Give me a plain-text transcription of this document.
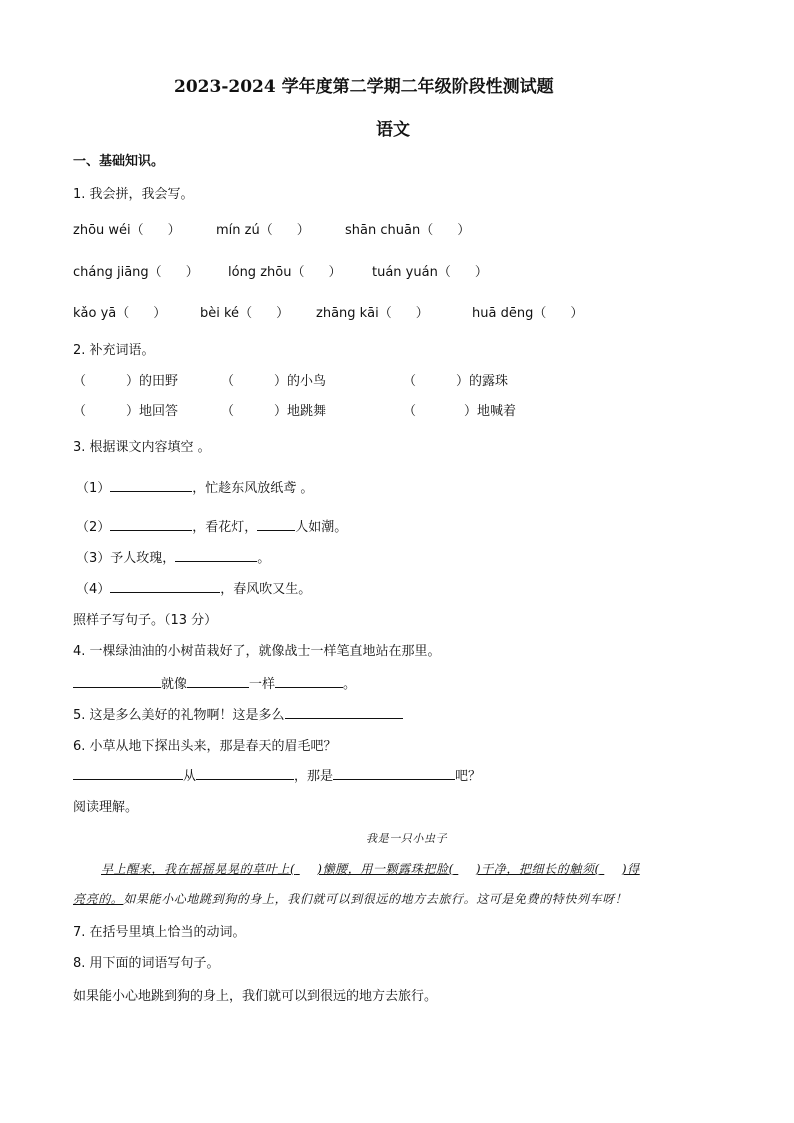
2023-2024 学年度第二学期二年级阶段性测试题
语文
一、基础知识。
1. 我会拼，我会写。
zhōu wéi（ ）	mín zú（ ）	shān chuān（ ）
cháng jiāng（ ） lóng zhōu（ ） tuán yuán（ ）
kǎo yā（ ）	bèi ké（ ） zhāng kāi（ ）	huā dēng（ ）
2. 补充词语。
（	）的田野	（	）的小鸟	（	）的露珠
（	）地回答	（	）地跳舞	（	）地喊着
3. 根据课文内容填空 。
（1）	，忙趁东风放纸鸢 。
（2）	，看花灯，	人如潮。
（3）予人玫瑰，	。
（4）	，春风吹又生。
照样子写句子。（13 分）
4. 一棵绿油油的小树苗栽好了，就像战士一样笔直地站在那里。
就像	一样	。
5. 这是多么美好的礼物啊！这是多么
6. 小草从地下探出头来，那是春天的眉毛吧？
从	，那是	吧？
阅读理解。
我是一只小虫子
早上醒来，我在摇摇晃晃的草叶上( )懒腰，用一颗露珠把脸( )干净，把细长的触须( )得
亮亮的。如果能小心地跳到狗的身上，我们就可以到很远的地方去旅行。这可是免费的特快列车呀！
7. 在括号里填上恰当的动词。
8. 用下面的词语写句子。
如果能小心地跳到狗的身上，我们就可以到很远的地方去旅行。
